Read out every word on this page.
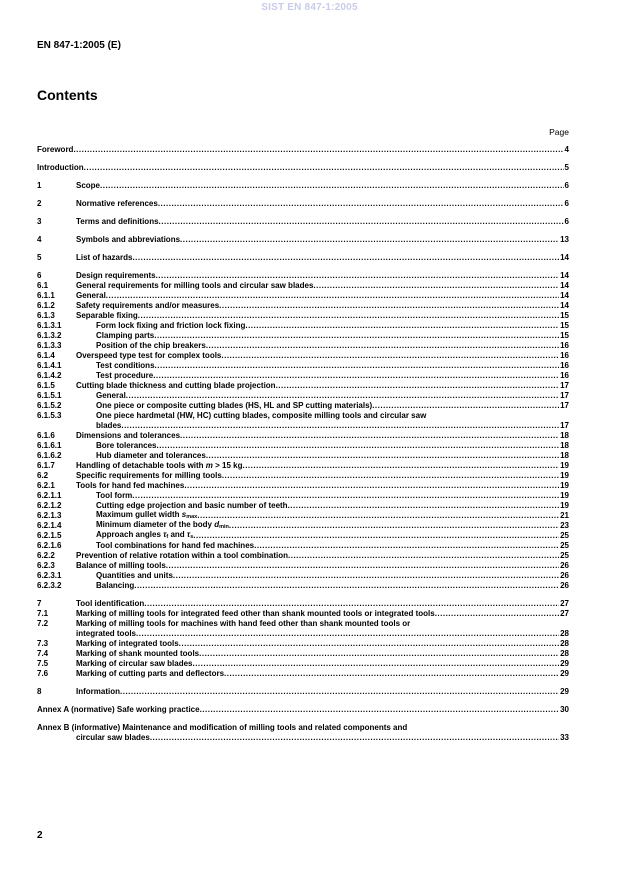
SIST EN 847-1:2005
EN 847-1:2005 (E)
Contents
Page
Foreword .....	4
Introduction .....	5
1	Scope .....	6
2	Normative references .....	6
3	Terms and definitions .....	6
4	Symbols and abbreviations .....	13
5	List of hazards .....	14
6	Design requirements .....	14
6.1	General requirements for milling tools and circular saw blades .....	14
6.1.1	General .....	14
6.1.2	Safety requirements and/or measures .....	14
6.1.3	Separable fixing .....	15
6.1.3.1	Form lock fixing and friction lock fixing .....	15
6.1.3.2	Clamping parts .....	15
6.1.3.3	Position of the chip breakers .....	16
6.1.4	Overspeed type test for complex tools .....	16
6.1.4.1	Test conditions .....	16
6.1.4.2	Test procedure .....	16
6.1.5	Cutting blade thickness and cutting blade projection .....	17
6.1.5.1	General .....	17
6.1.5.2	One piece or composite cutting blades (HS, HL and SP cutting materials) .....	17
6.1.5.3	One piece hardmetal (HW, HC) cutting blades, composite milling tools and circular saw
blades .....	17
6.1.6	Dimensions and tolerances .....	18
6.1.6.1	Bore tolerances .....	18
6.1.6.2	Hub diameter and tolerances .....	18
6.1.7	Handling of detachable tools with m > 15 kg .....	19
6.2	Specific requirements for milling tools .....	19
6.2.1	Tools for hand fed machines .....	19
6.2.1.1	Tool form .....	19
6.2.1.2	Cutting edge projection and basic number of teeth .....	19
6.2.1.3	Maximum gullet width $s_{max}$ .....	21
6.2.1.4	Minimum diameter of the body $d_{min}$ .....	23
6.2.1.5	Approach angles $\tau_f$ and $\tau_s$ .....	25
6.2.1.6	Tool combinations for hand fed machines .....	25
6.2.2	Prevention of relative rotation within a tool combination .....	25
6.2.3	Balance of milling tools .....	26
6.2.3.1	Quantities and units .....	26
6.2.3.2	Balancing .....	26
7	Tool identification .....	27
7.1	Marking of milling tools for integrated feed other than shank mounted tools or integrated tools .....	27
7.2	Marking of milling tools for machines with hand feed other than shank mounted tools or
integrated tools .....	28
7.3	Marking of integrated tools .....	28
7.4	Marking of shank mounted tools .....	28
7.5	Marking of circular saw blades .....	29
7.6	Marking of cutting parts and deflectors .....	29
8	Information .....	29
Annex A (normative) Safe working practice .....	30
Annex B (informative) Maintenance and modification of milling tools and related components and
circular saw blades .....	33
2
